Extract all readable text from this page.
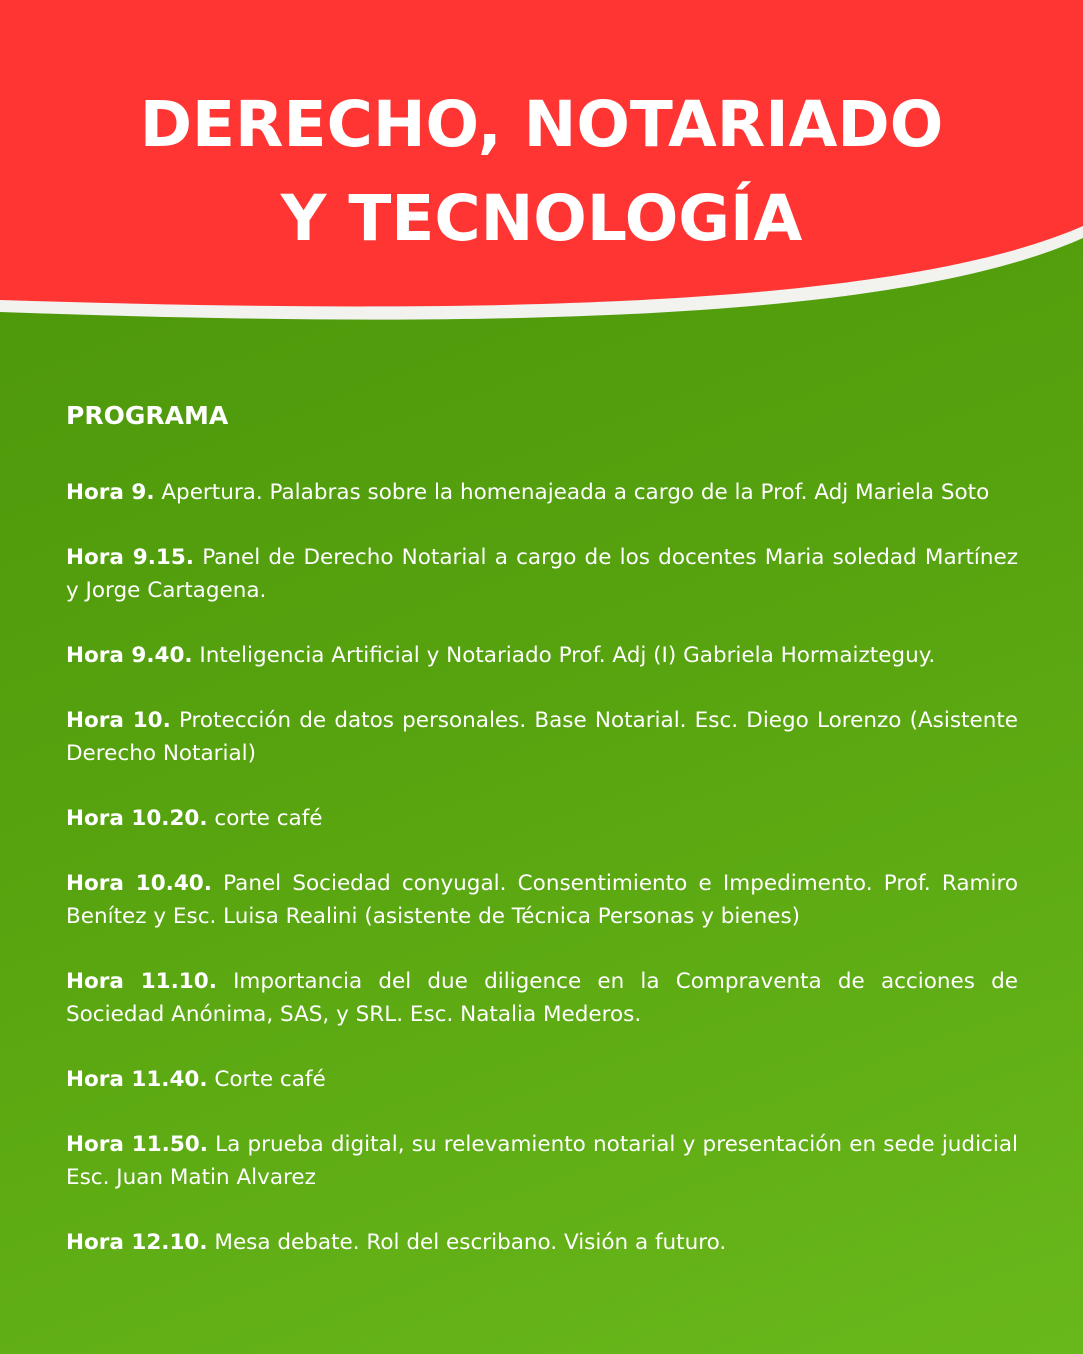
DERECHO, NOTARIADO
Y TECNOLOGÍA
PROGRAMA
Hora 9. Apertura. Palabras sobre la homenajeada a cargo de la Prof. Adj Mariela Soto
Hora 9.15. Panel de Derecho Notarial a cargo de los docentes Maria soledad Martínez y Jorge Cartagena.
Hora 9.40. Inteligencia Artificial y Notariado Prof. Adj (I) Gabriela Hormaizteguy.
Hora 10. Protección de datos personales. Base Notarial. Esc. Diego Lorenzo (Asistente Derecho Notarial)
Hora 10.20. corte café
Hora 10.40. Panel Sociedad conyugal. Consentimiento e Impedimento. Prof. Ramiro Benítez y Esc. Luisa Realini (asistente de Técnica Personas y bienes)
Hora 11.10. Importancia del due diligence en la Compraventa de acciones de Sociedad Anónima, SAS, y SRL. Esc. Natalia Mederos.
Hora 11.40. Corte café
Hora 11.50. La prueba digital, su relevamiento notarial y presentación en sede judicial Esc. Juan Matin Alvarez
Hora 12.10. Mesa debate. Rol del escribano. Visión a futuro.
